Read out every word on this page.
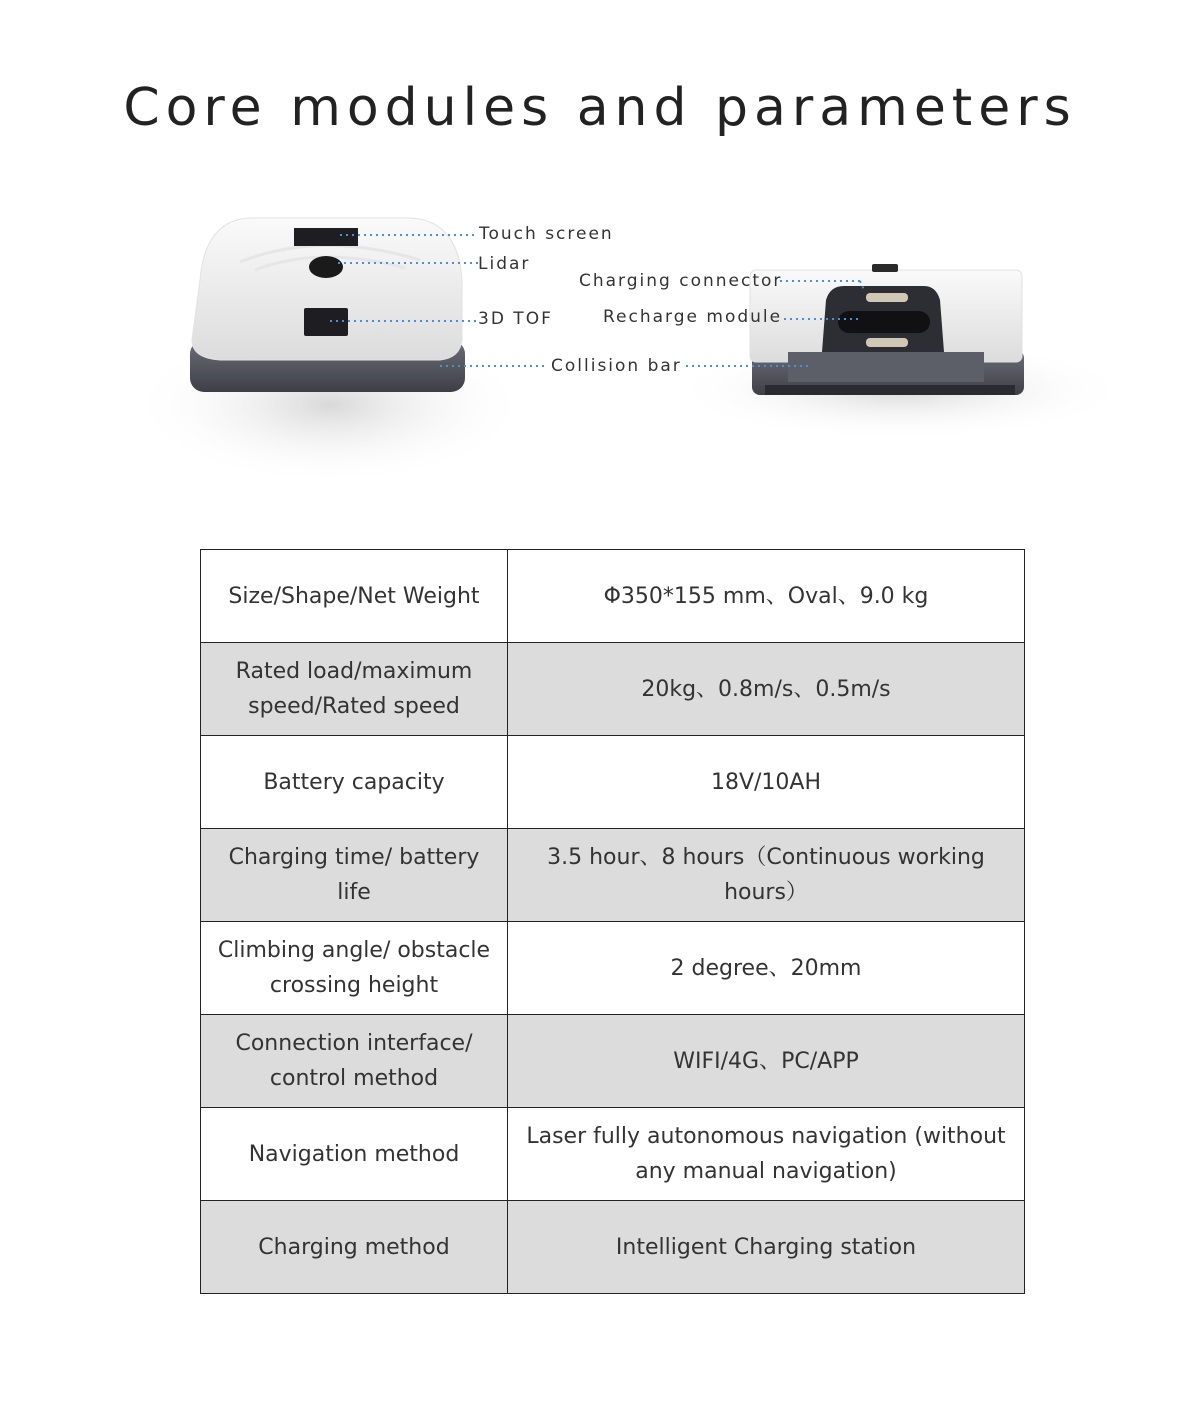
Core modules and parameters
Touch screen
Lidar
3D TOF
Collision bar
Charging connector
Recharge module
Size/Shape/Net Weight	Φ350*155 mm、Oval、9.0 kg
Rated load/maximum speed/Rated speed	20kg、0.8m/s、0.5m/s
Battery capacity	18V/10AH
Charging time/ battery life	3.5 hour、8 hours（Continuous working hours）
Climbing angle/ obstacle crossing height	2 degree、20mm
Connection interface/ control method	WIFI/4G、PC/APP
Navigation method	Laser fully autonomous navigation (without any manual navigation)
Charging method	Intelligent Charging station
